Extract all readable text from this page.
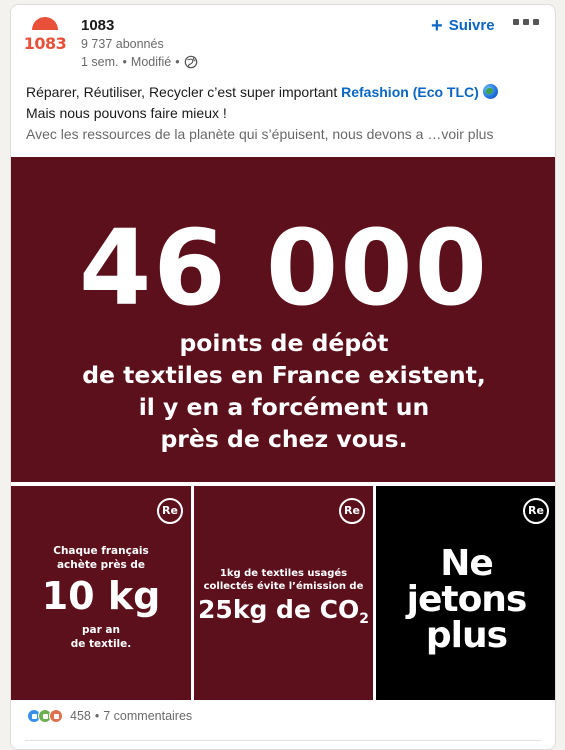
1083
1083
9 737 abonnés
1 sem. • Modifié •
+ Suivre
Réparer, Réutiliser, Recycler c’est super important Refashion (Eco TLC)
Mais nous pouvons faire mieux !
Avec les ressources de la planète qui s’épuisent, nous devons a …voir plus
46 000
points de dépôt
de textiles en France existent,
il y en a forcément un
près de chez vous.
Re
Chaque français
achète près de
10 kg
par an
de textile.
Re
1kg de textiles usagés
collectés évite l’émission de
25kg de $CO_2$
Re
Ne
jetons
plus
458 • 7 commentaires
